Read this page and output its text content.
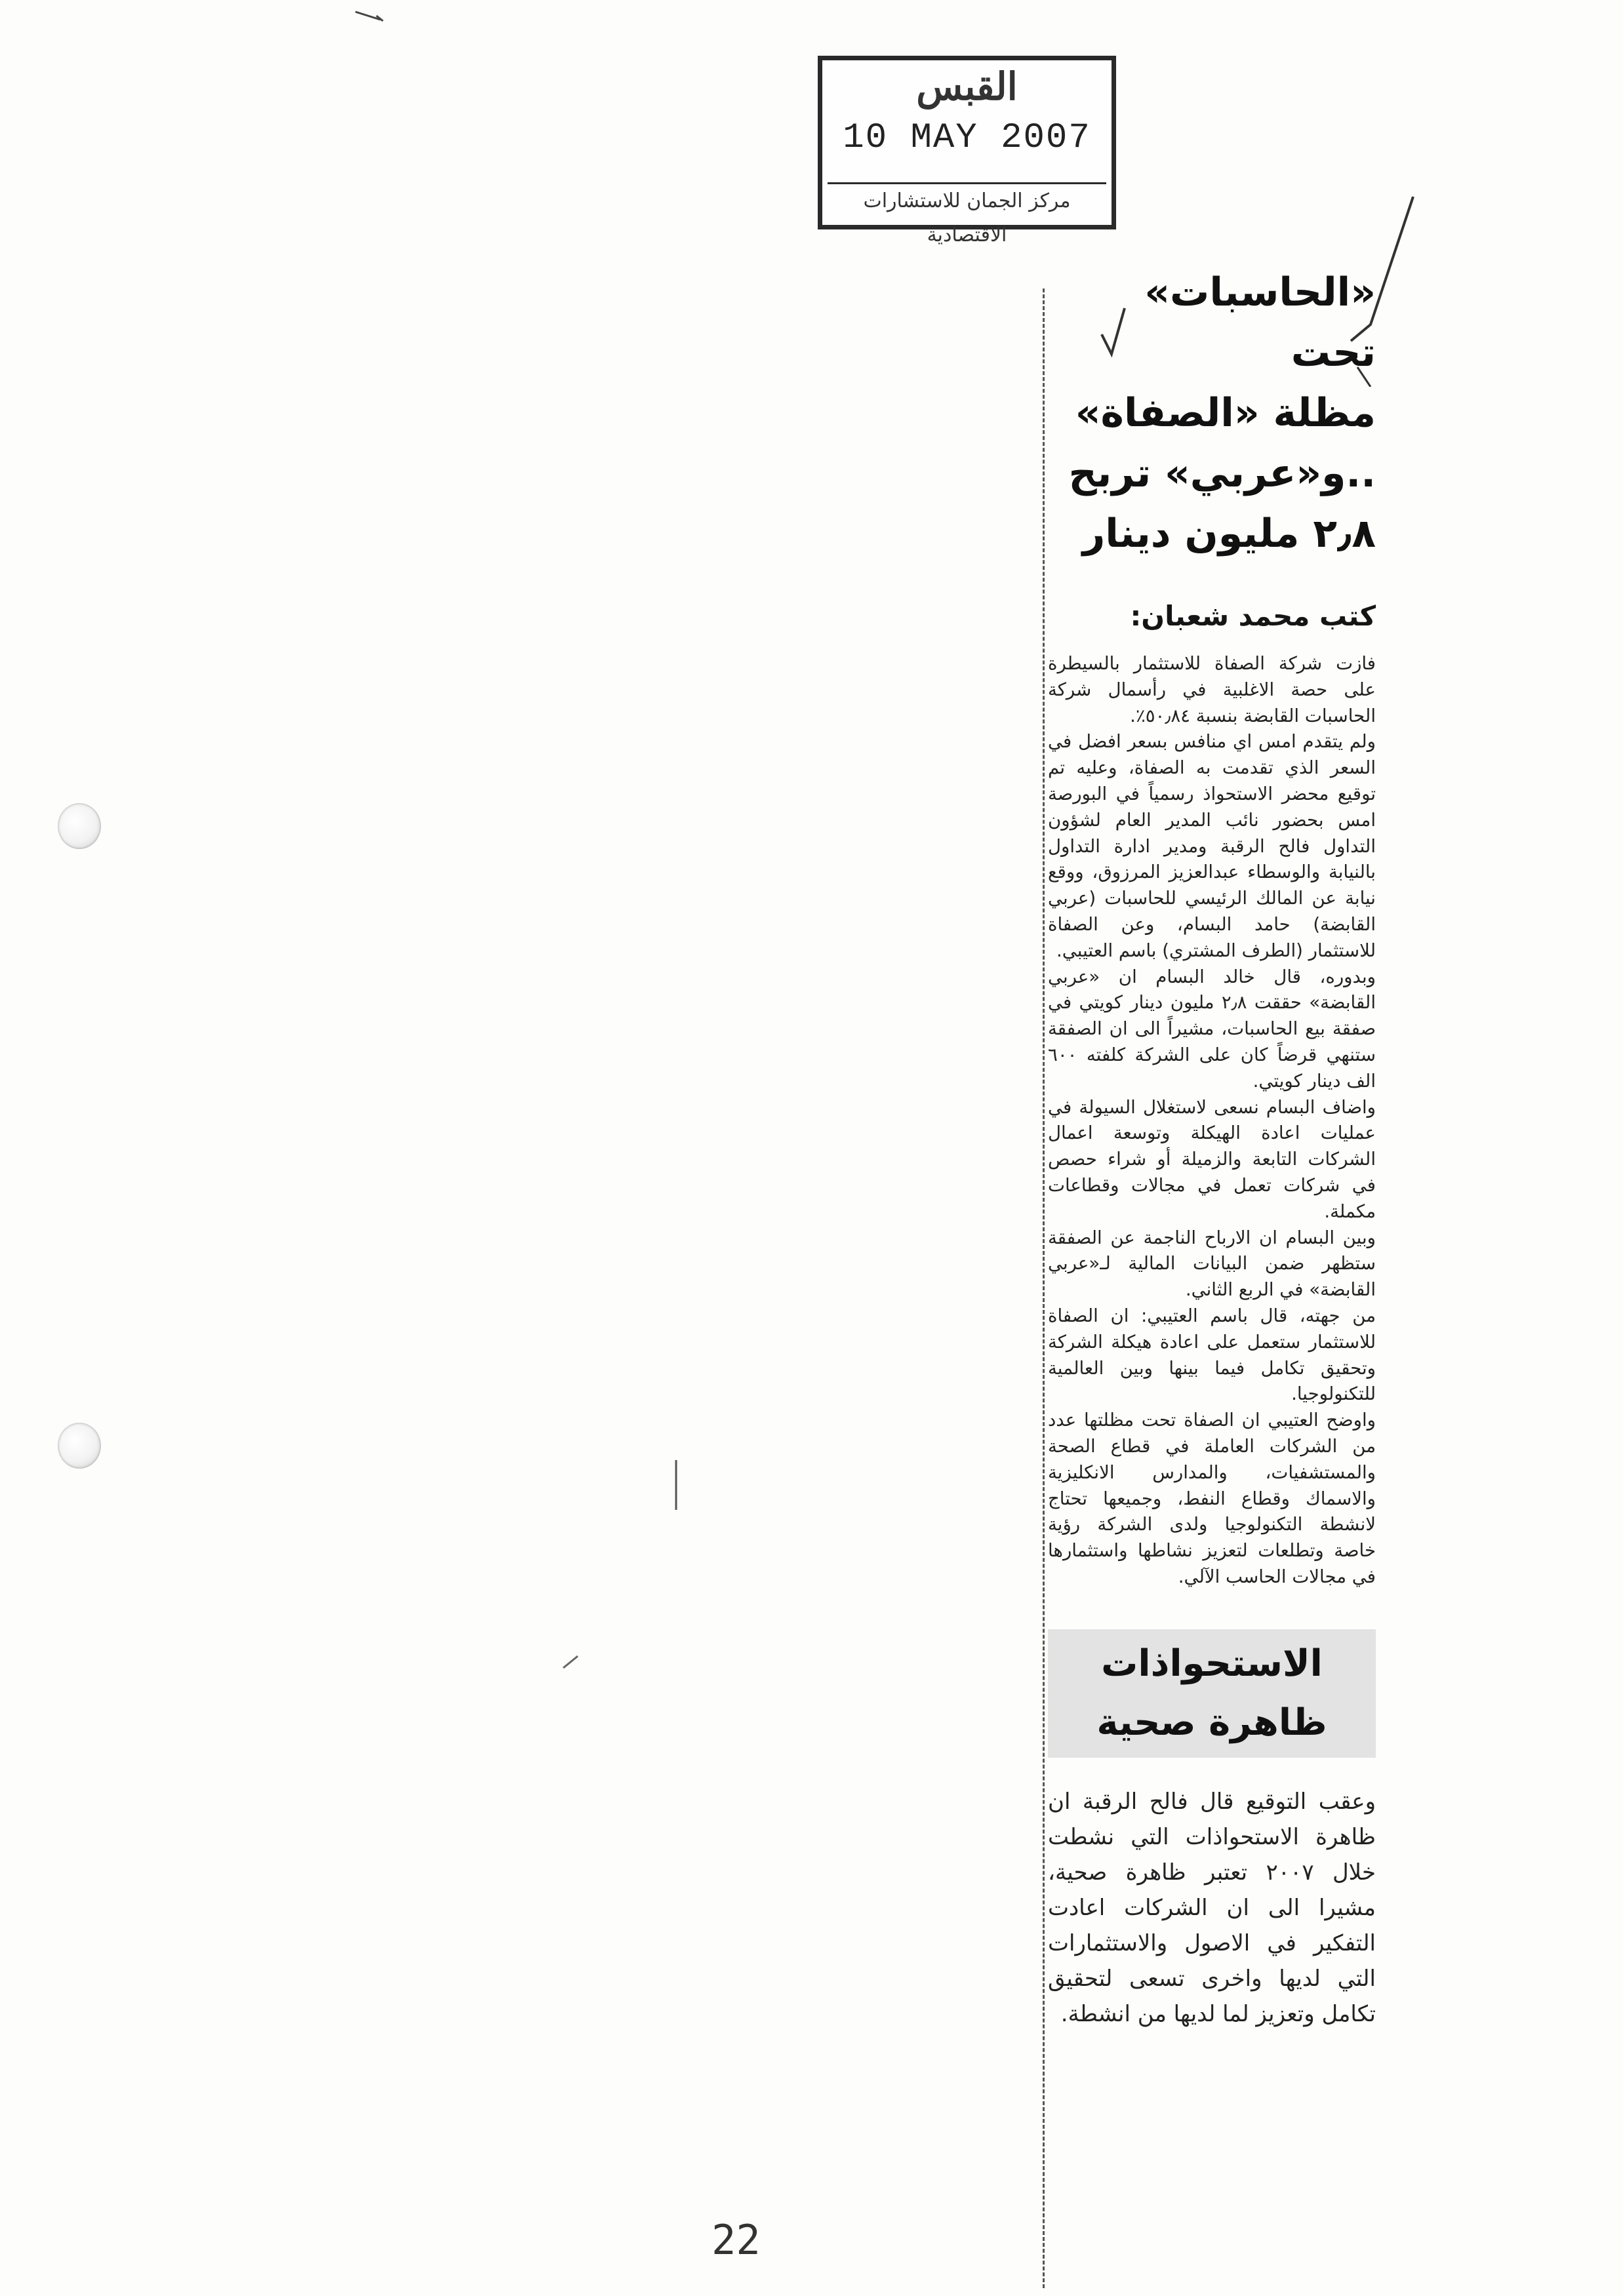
القبس
10 MAY 2007
مركز الجمان للاستشارات الاقتصادية
«الحاسبات» تحت
مظلة «الصفاة»
..و«عربي» تربح
٢٫٨ مليون دينار
كتب محمد شعبان:

فازت شركة الصفاة للاستثمار بالسيطرة على حصة الاغلبية في رأسمال شركة الحاسبات القابضة بنسبة ٥٠٫٨٤٪.

ولم يتقدم امس اي منافس بسعر افضل في السعر الذي تقدمت به الصفاة، وعليه تم توقيع محضر الاستحواذ رسمياً في البورصة امس بحضور نائب المدير العام لشؤون التداول فالح الرقبة ومدير ادارة التداول بالنيابة والوسطاء عبدالعزيز المرزوق، ووقع نيابة عن المالك الرئيسي للحاسبات (عربي القابضة) حامد البسام، وعن الصفاة للاستثمار (الطرف المشتري) باسم العتيبي.

وبدوره، قال خالد البسام ان «عربي القابضة» حققت ٢٫٨ مليون دينار كويتي في صفقة بيع الحاسبات، مشيراً الى ان الصفقة ستنهي قرضاً كان على الشركة كلفته ٦٠٠ الف دينار كويتي.

واضاف البسام نسعى لاستغلال السيولة في عمليات اعادة الهيكلة وتوسعة اعمال الشركات التابعة والزميلة أو شراء حصص في شركات تعمل في مجالات وقطاعات مكملة.

وبين البسام ان الارباح الناجمة عن الصفقة ستظهر ضمن البيانات المالية لـ«عربي القابضة» في الربع الثاني.

من جهته، قال باسم العتيبي: ان الصفاة للاستثمار ستعمل على اعادة هيكلة الشركة وتحقيق تكامل فيما بينها وبين العالمية للتكنولوجيا.

واوضح العتيبي ان الصفاة تحت مظلتها عدد من الشركات العاملة في قطاع الصحة والمستشفيات، والمدارس الانكليزية والاسماك وقطاع النفط، وجميعها تحتاج لانشطة التكنولوجيا ولدى الشركة رؤية خاصة وتطلعات لتعزيز نشاطها واستثمارها في مجالات الحاسب الآلي.

الاستحواذات
ظاهرة صحية

وعقب التوقيع قال فالح الرقبة ان ظاهرة الاستحواذات التي نشطت خلال ٢٠٠٧ تعتبر ظاهرة صحية، مشيرا الى ان الشركات اعادت التفكير في الاصول والاستثمارات التي لديها واخرى تسعى لتحقيق تكامل وتعزيز لما لديها من انشطة.

22
